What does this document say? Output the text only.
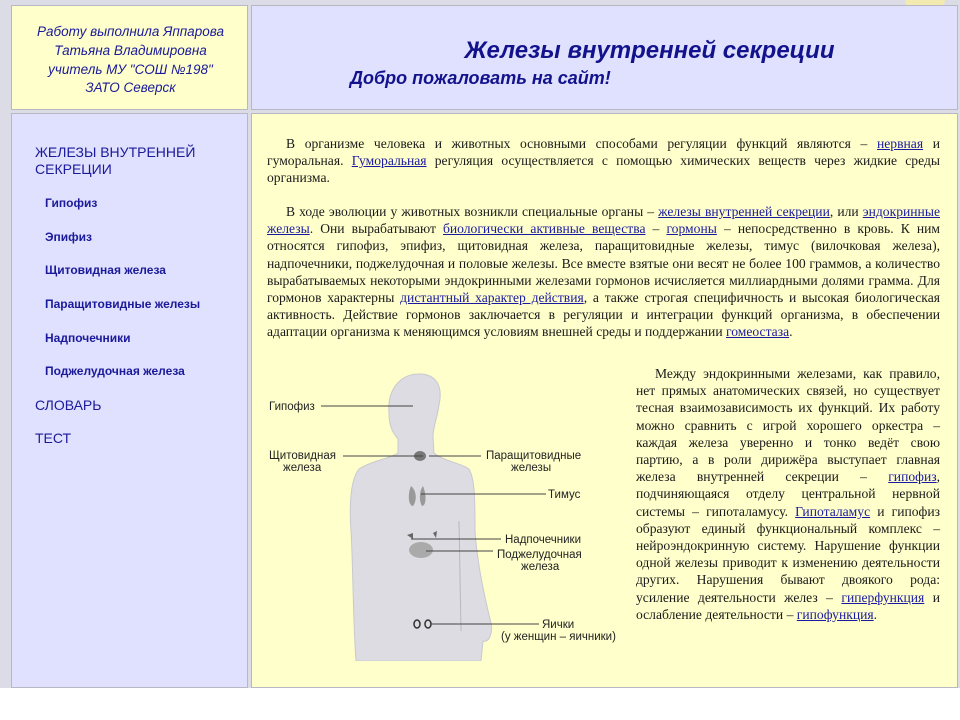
Работу выполнила Яппарова
Татьяна Владимировна
учитель МУ "СОШ №198"
ЗАТО Северск
Железы внутренней секреции
Добро пожаловать на сайт!
ЖЕЛЕЗЫ ВНУТРЕННЕЙ
СЕКРЕЦИИ
Гипофиз
Эпифиз
Щитовидная железа
Паращитовидные железы
Надпочечники
Поджелудочная железа
СЛОВАРЬ
ТЕСТ
В организме человека и животных основными способами регуляции функций являются – нервная и гуморальная. Гуморальная регуляция осуществляется с помощью химических веществ через жидкие среды организма.
В ходе эволюции у животных возникли специальные органы – железы внутренней секреции, или эндокринные железы. Они вырабатывают биологически активные вещества – гормоны – непосредственно в кровь. К ним относятся гипофиз, эпифиз, щитовидная железа, паращитовидные железы, тимус (вилочковая железа), надпочечники, поджелудочная и половые железы. Все вместе взятые они весят не более 100 граммов, а количество вырабатываемых некоторыми эндокринными железами гормонов исчисляется миллиардными долями грамма. Для гормонов характерны дистантный характер действия, а также строгая специфичность и высокая биологическая активность. Действие гормонов заключается в регуляции и интеграции функций организма, в обеспечении адаптации организма к меняющимся условиям внешней среды и поддержании гомеостаза.
Гипофиз
Щитовидная
железа
Паращитовидные
железы
Тимус
Надпочечники
Поджелудочная
железа
Яички
(у женщин – яичники)
Между эндокринными железами, как правило, нет прямых анатомических связей, но существует тесная взаимозависимость их функций. Их работу можно сравнить с игрой хорошего оркестра – каждая железа уверенно и тонко ведёт свою партию, а в роли дирижёра выступает главная железа внутренней секреции – гипофиз, подчиняющаяся отделу центральной нервной системы – гипоталамусу. Гипоталамус и гипофиз образуют единый функциональный комплекс – нейроэндокринную систему. Нарушение функции одной железы приводит к изменению деятельности других. Нарушения бывают двоякого рода: усиление деятельности желез – гиперфункция и ослабление деятельности – гипофункция.
